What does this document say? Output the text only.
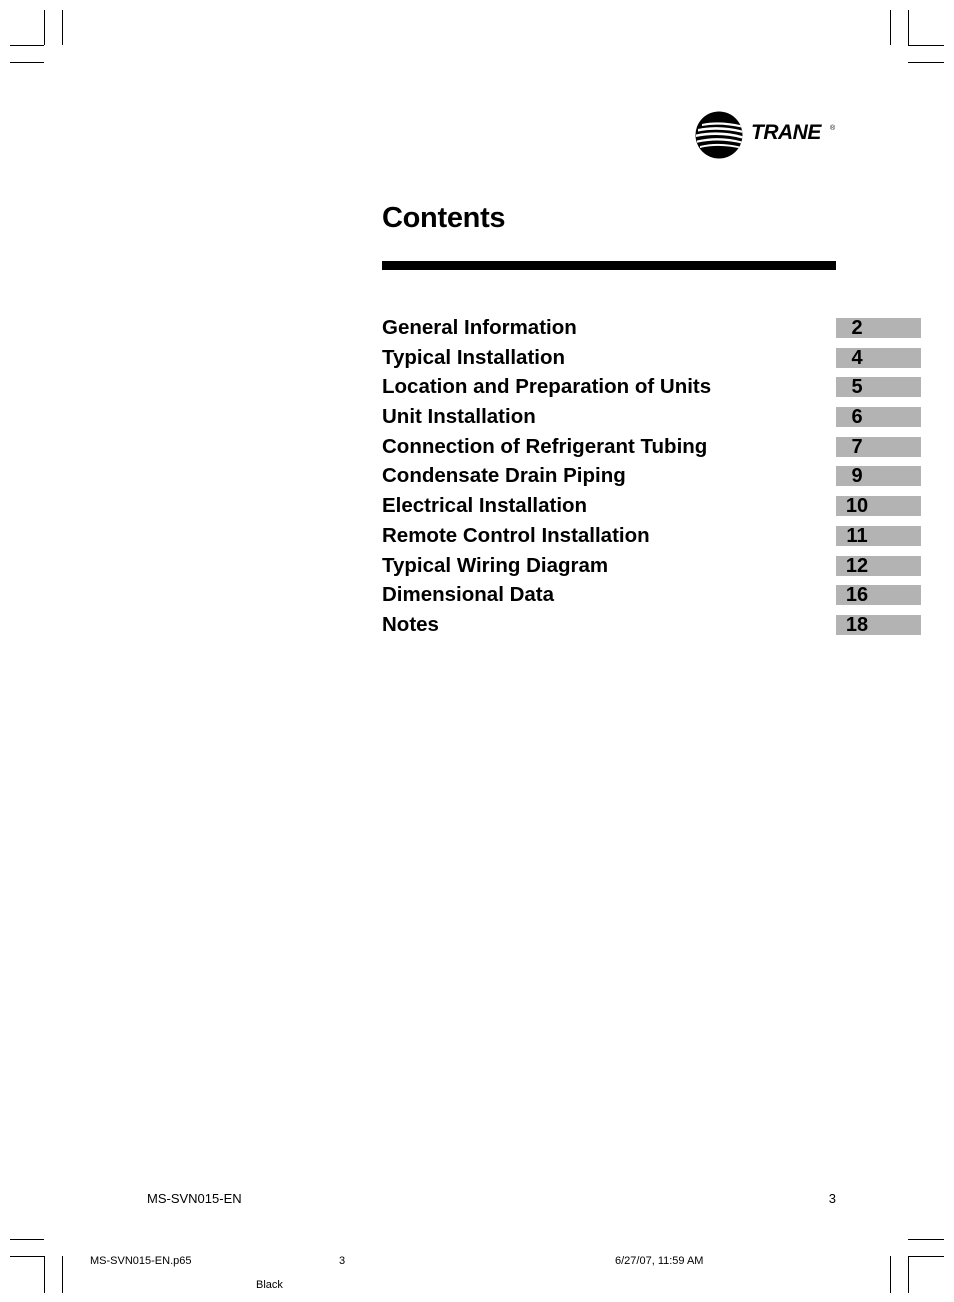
TRANE ®
Contents
General Information	2
Typical Installation	4
Location and Preparation of Units	5
Unit Installation	6
Connection of Refrigerant Tubing	7
Condensate Drain Piping	9
Electrical Installation	10
Remote Control Installation	11
Typical Wiring Diagram	12
Dimensional Data	16
Notes	18
MS-SVN015-EN	3
MS-SVN015-EN.p65	3	6/27/07, 11:59 AM
Black
